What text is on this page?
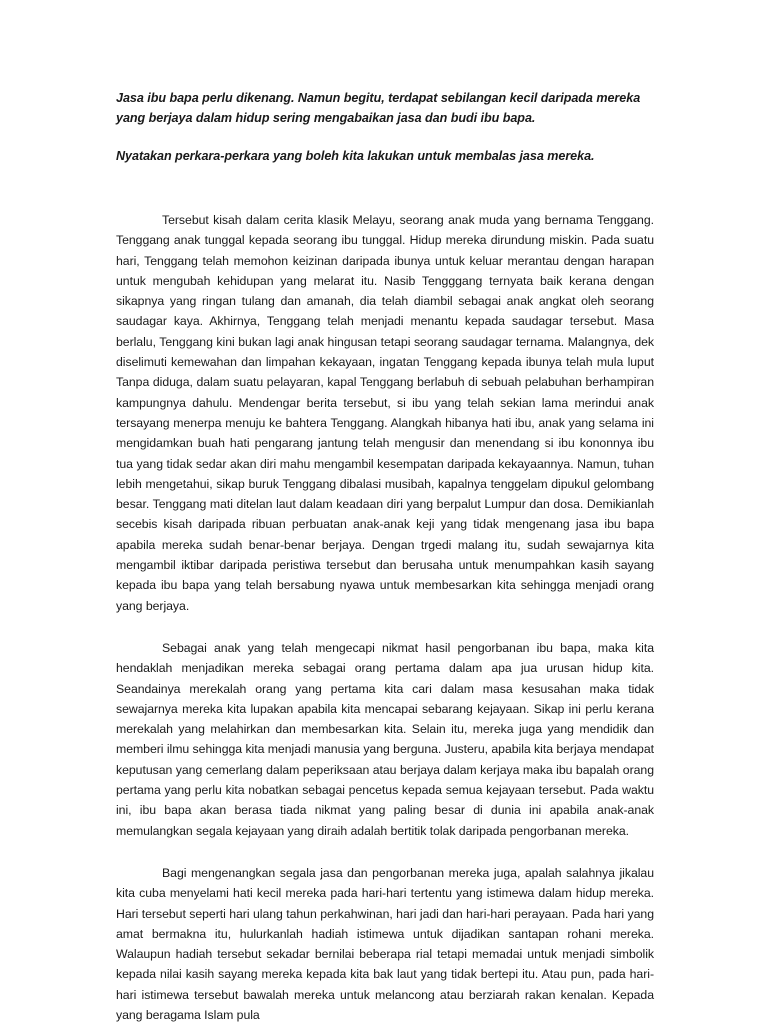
Jasa ibu bapa perlu dikenang. Namun begitu, terdapat sebilangan kecil daripada mereka yang berjaya dalam hidup sering mengabaikan jasa dan budi ibu bapa.

Nyatakan perkara-perkara yang boleh kita lakukan untuk membalas jasa mereka.

Tersebut kisah dalam cerita klasik Melayu, seorang anak muda yang bernama Tenggang. Tenggang anak tunggal kepada seorang ibu tunggal. Hidup mereka dirundung miskin. Pada suatu hari, Tenggang telah memohon keizinan daripada ibunya untuk keluar merantau dengan harapan untuk mengubah kehidupan yang melarat itu. Nasib Tengggang ternyata baik kerana dengan sikapnya yang ringan tulang dan amanah, dia telah diambil sebagai anak angkat oleh seorang saudagar kaya. Akhirnya, Tenggang telah menjadi menantu kepada saudagar tersebut. Masa berlalu, Tenggang kini bukan lagi anak hingusan tetapi seorang saudagar ternama. Malangnya, dek diselimuti kemewahan dan limpahan kekayaan, ingatan Tenggang kepada ibunya telah mula luput Tanpa diduga, dalam suatu pelayaran, kapal Tenggang berlabuh di sebuah pelabuhan berhampiran kampungnya dahulu. Mendengar berita tersebut, si ibu yang telah sekian lama merindui anak tersayang menerpa menuju ke bahtera Tenggang. Alangkah hibanya hati ibu, anak yang selama ini mengidamkan buah hati pengarang jantung telah mengusir dan menendang si ibu kononnya ibu tua yang tidak sedar akan diri mahu mengambil kesempatan daripada kekayaannya. Namun, tuhan lebih mengetahui, sikap buruk Tenggang dibalasi musibah, kapalnya tenggelam dipukul gelombang besar. Tenggang mati ditelan laut dalam keadaan diri yang berpalut Lumpur dan dosa. Demikianlah secebis kisah daripada ribuan perbuatan anak-anak keji yang tidak mengenang jasa ibu bapa apabila mereka sudah benar-benar berjaya. Dengan trgedi malang itu, sudah sewajarnya kita mengambil iktibar daripada peristiwa tersebut dan berusaha untuk menumpahkan kasih sayang kepada ibu bapa yang telah bersabung nyawa untuk membesarkan kita sehingga menjadi orang yang berjaya.

Sebagai anak yang telah mengecapi nikmat hasil pengorbanan ibu bapa, maka kita hendaklah menjadikan mereka sebagai orang pertama dalam apa jua urusan hidup kita. Seandainya merekalah orang yang pertama kita cari dalam masa kesusahan maka tidak sewajarnya mereka kita lupakan apabila kita mencapai sebarang kejayaan. Sikap ini perlu kerana merekalah yang melahirkan dan membesarkan kita. Selain itu, mereka juga yang mendidik dan memberi ilmu sehingga kita menjadi manusia yang berguna. Justeru, apabila kita berjaya mendapat keputusan yang cemerlang dalam peperiksaan atau berjaya dalam kerjaya maka ibu bapalah orang pertama yang perlu kita nobatkan sebagai pencetus kepada semua kejayaan tersebut. Pada waktu ini, ibu bapa akan berasa tiada nikmat yang paling besar di dunia ini apabila anak-anak memulangkan segala kejayaan yang diraih adalah bertitik tolak daripada pengorbanan mereka.

Bagi mengenangkan segala jasa dan pengorbanan mereka juga, apalah salahnya jikalau kita cuba menyelami hati kecil mereka pada hari-hari tertentu yang istimewa dalam hidup mereka. Hari tersebut seperti hari ulang tahun perkahwinan, hari jadi dan hari-hari perayaan. Pada hari yang amat bermakna itu, hulurkanlah hadiah istimewa untuk dijadikan santapan rohani mereka. Walaupun hadiah tersebut sekadar bernilai beberapa rial tetapi memadai untuk menjadi simbolik kepada nilai kasih sayang mereka kepada kita bak laut yang tidak bertepi itu. Atau pun, pada hari-hari istimewa tersebut bawalah mereka untuk melancong atau berziarah rakan kenalan. Kepada yang beragama Islam pula
